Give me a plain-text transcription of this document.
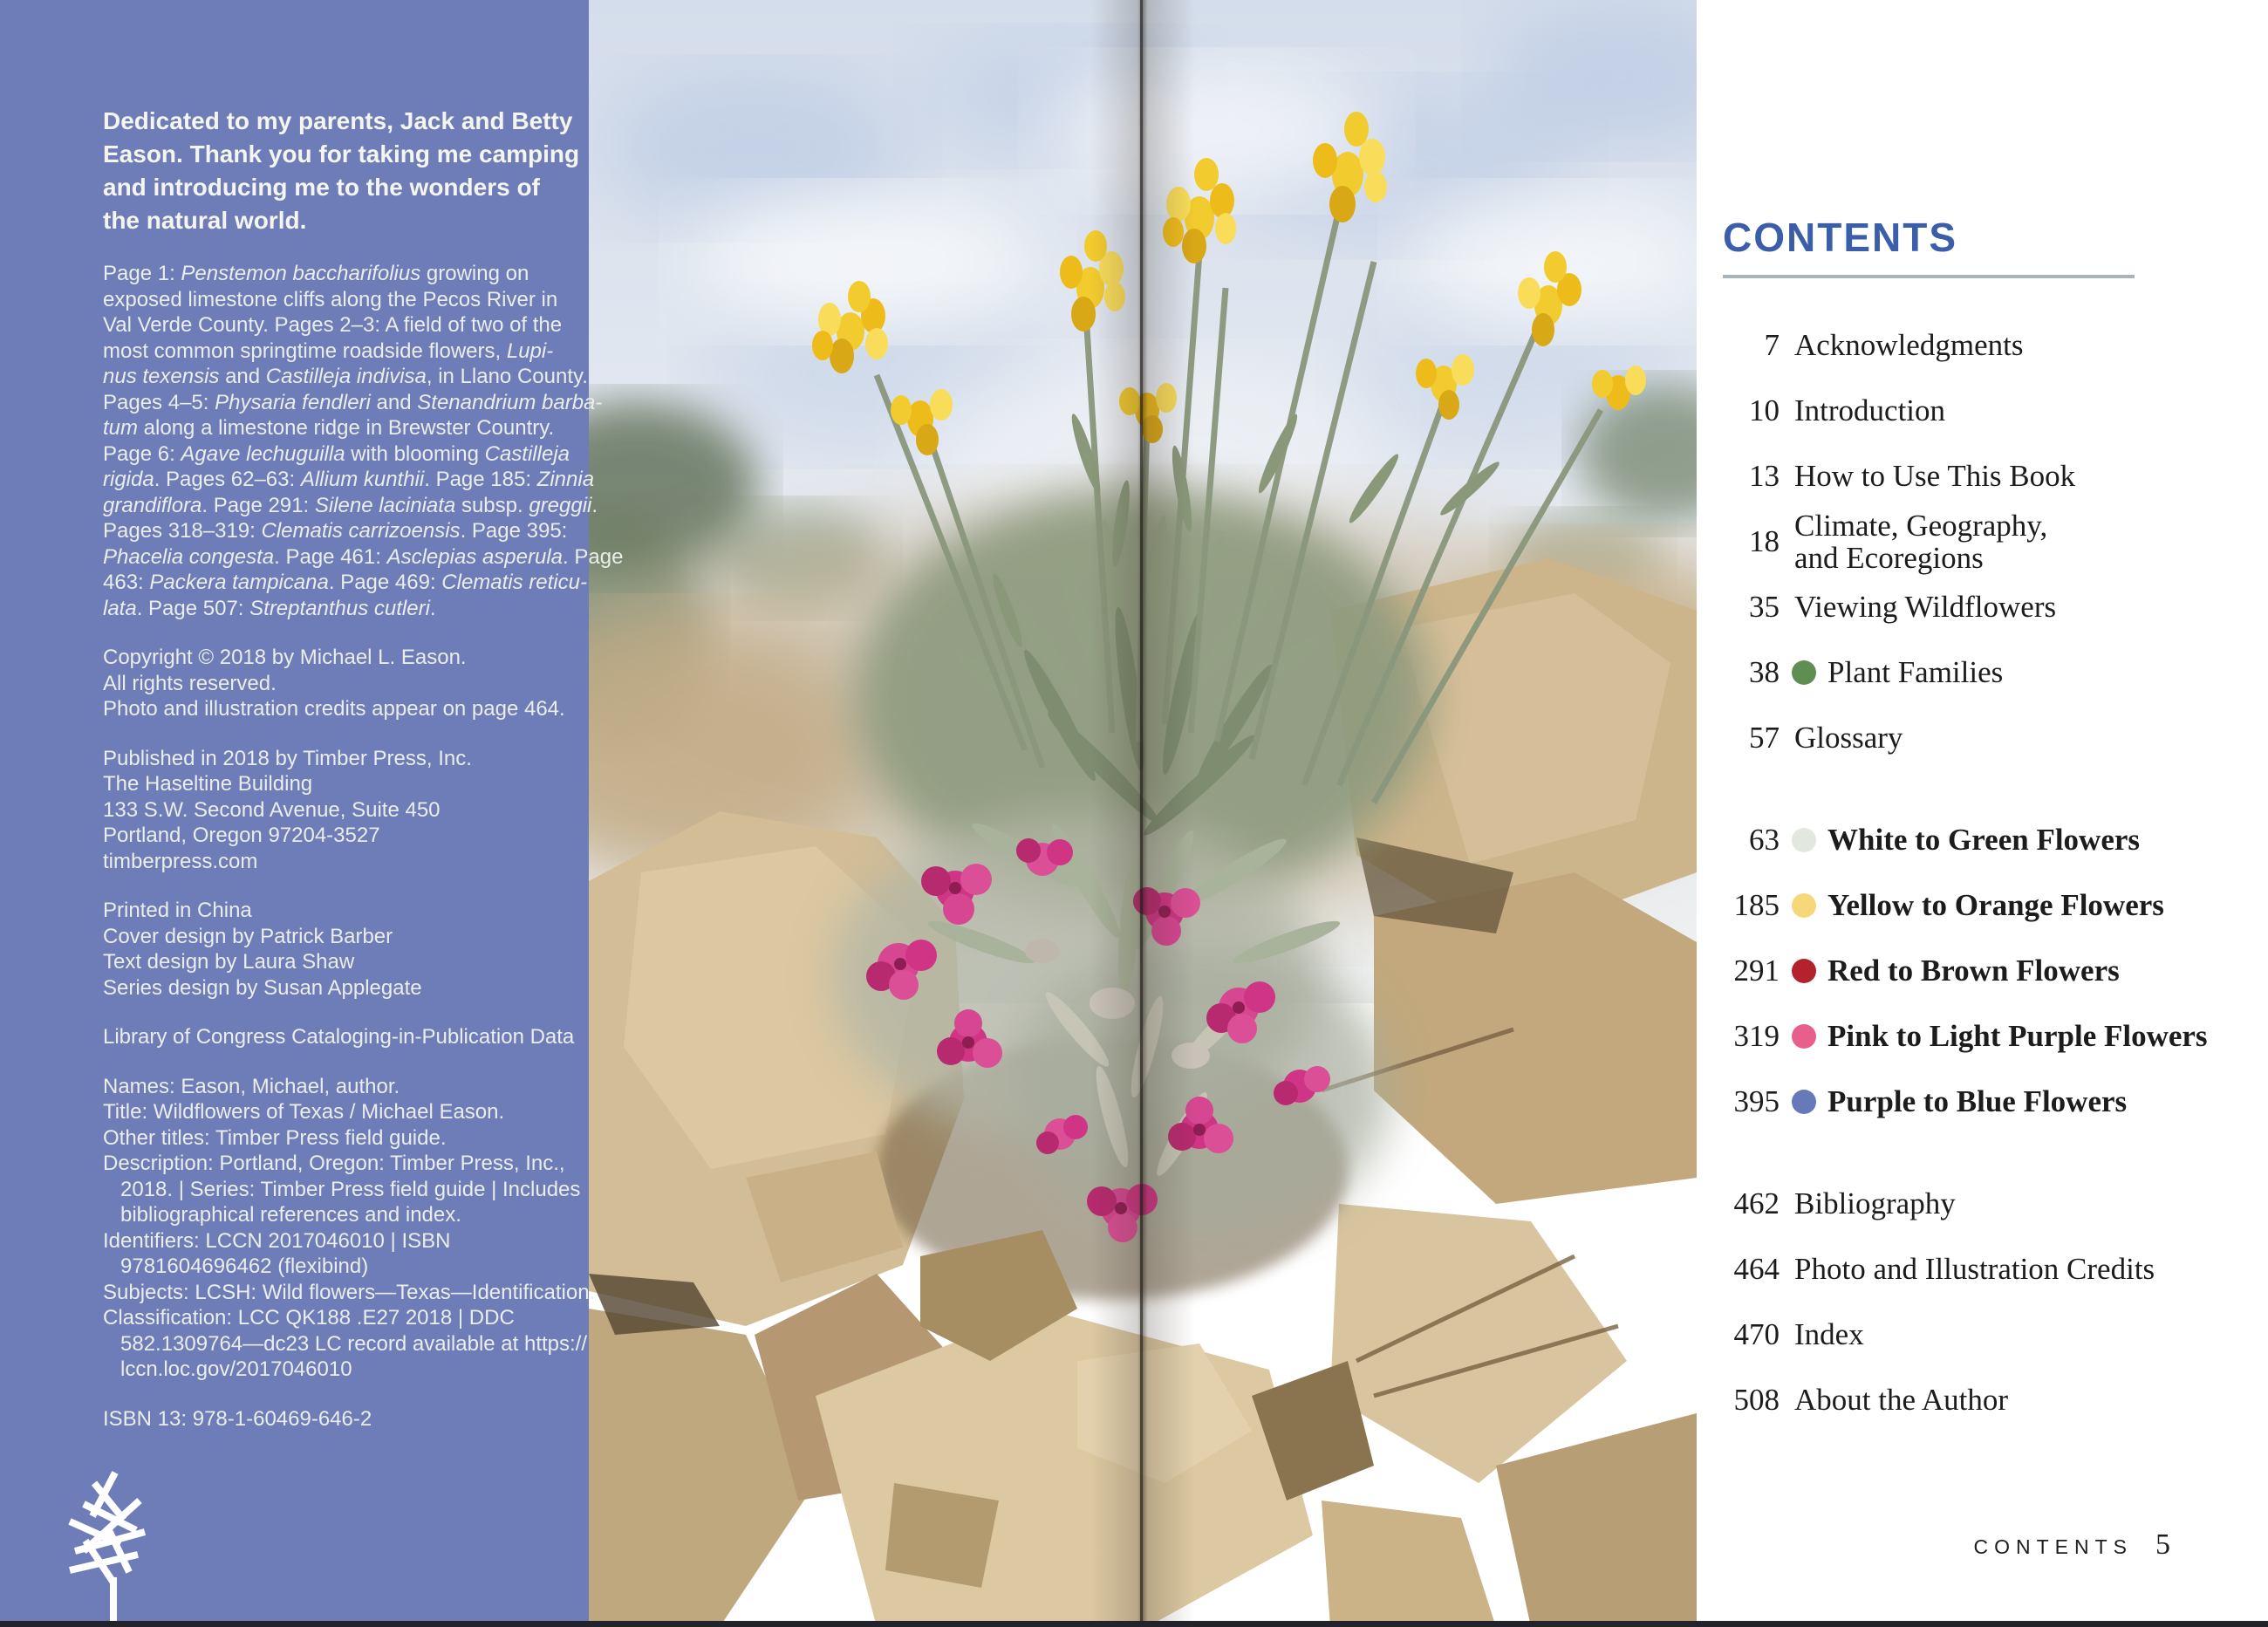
Dedicated to my parents, Jack and Betty
Eason. Thank you for taking me camping
and introducing me to the wonders of
the natural world.

Page 1: Penstemon baccharifolius growing on
exposed limestone cliffs along the Pecos River in
Val Verde County. Pages 2–3: A field of two of the
most common springtime roadside flowers, Lupi-
nus texensis and Castilleja indivisa, in Llano County.
Pages 4–5: Physaria fendleri and Stenandrium barba-
tum along a limestone ridge in Brewster Country.
Page 6: Agave lechuguilla with blooming Castilleja
rigida. Pages 62–63: Allium kunthii. Page 185: Zinnia
grandiflora. Page 291: Silene laciniata subsp. greggii.
Pages 318–319: Clematis carrizoensis. Page 395:
Phacelia congesta. Page 461: Asclepias asperula. Page
463: Packera tampicana. Page 469: Clematis reticu-
lata. Page 507: Streptanthus cutleri.

Copyright © 2018 by Michael L. Eason.
All rights reserved.
Photo and illustration credits appear on page 464.

Published in 2018 by Timber Press, Inc.
The Haseltine Building
133 S.W. Second Avenue, Suite 450
Portland, Oregon 97204-3527
timberpress.com

Printed in China
Cover design by Patrick Barber
Text design by Laura Shaw
Series design by Susan Applegate

Library of Congress Cataloging-in-Publication Data

Names: Eason, Michael, author.
Title: Wildflowers of Texas / Michael Eason.
Other titles: Timber Press field guide.
Description: Portland, Oregon: Timber Press, Inc.,
2018. | Series: Timber Press field guide | Includes
bibliographical references and index.
Identifiers: LCCN 2017046010 | ISBN
9781604696462 (flexibind)
Subjects: LCSH: Wild flowers—Texas—Identification.
Classification: LCC QK188 .E27 2018 | DDC
582.1309764—dc23 LC record available at https://
lccn.loc.gov/2017046010

ISBN 13: 978-1-60469-646-2

CONTENTS
7 Acknowledgments
10 Introduction
13 How to Use This Book
18 Climate, Geography,
and Ecoregions
35 Viewing Wildflowers
38 Plant Families
57 Glossary
63 White to Green Flowers
185 Yellow to Orange Flowers
291 Red to Brown Flowers
319 Pink to Light Purple Flowers
395 Purple to Blue Flowers
462 Bibliography
464 Photo and Illustration Credits
470 Index
508 About the Author
CONTENTS 5
